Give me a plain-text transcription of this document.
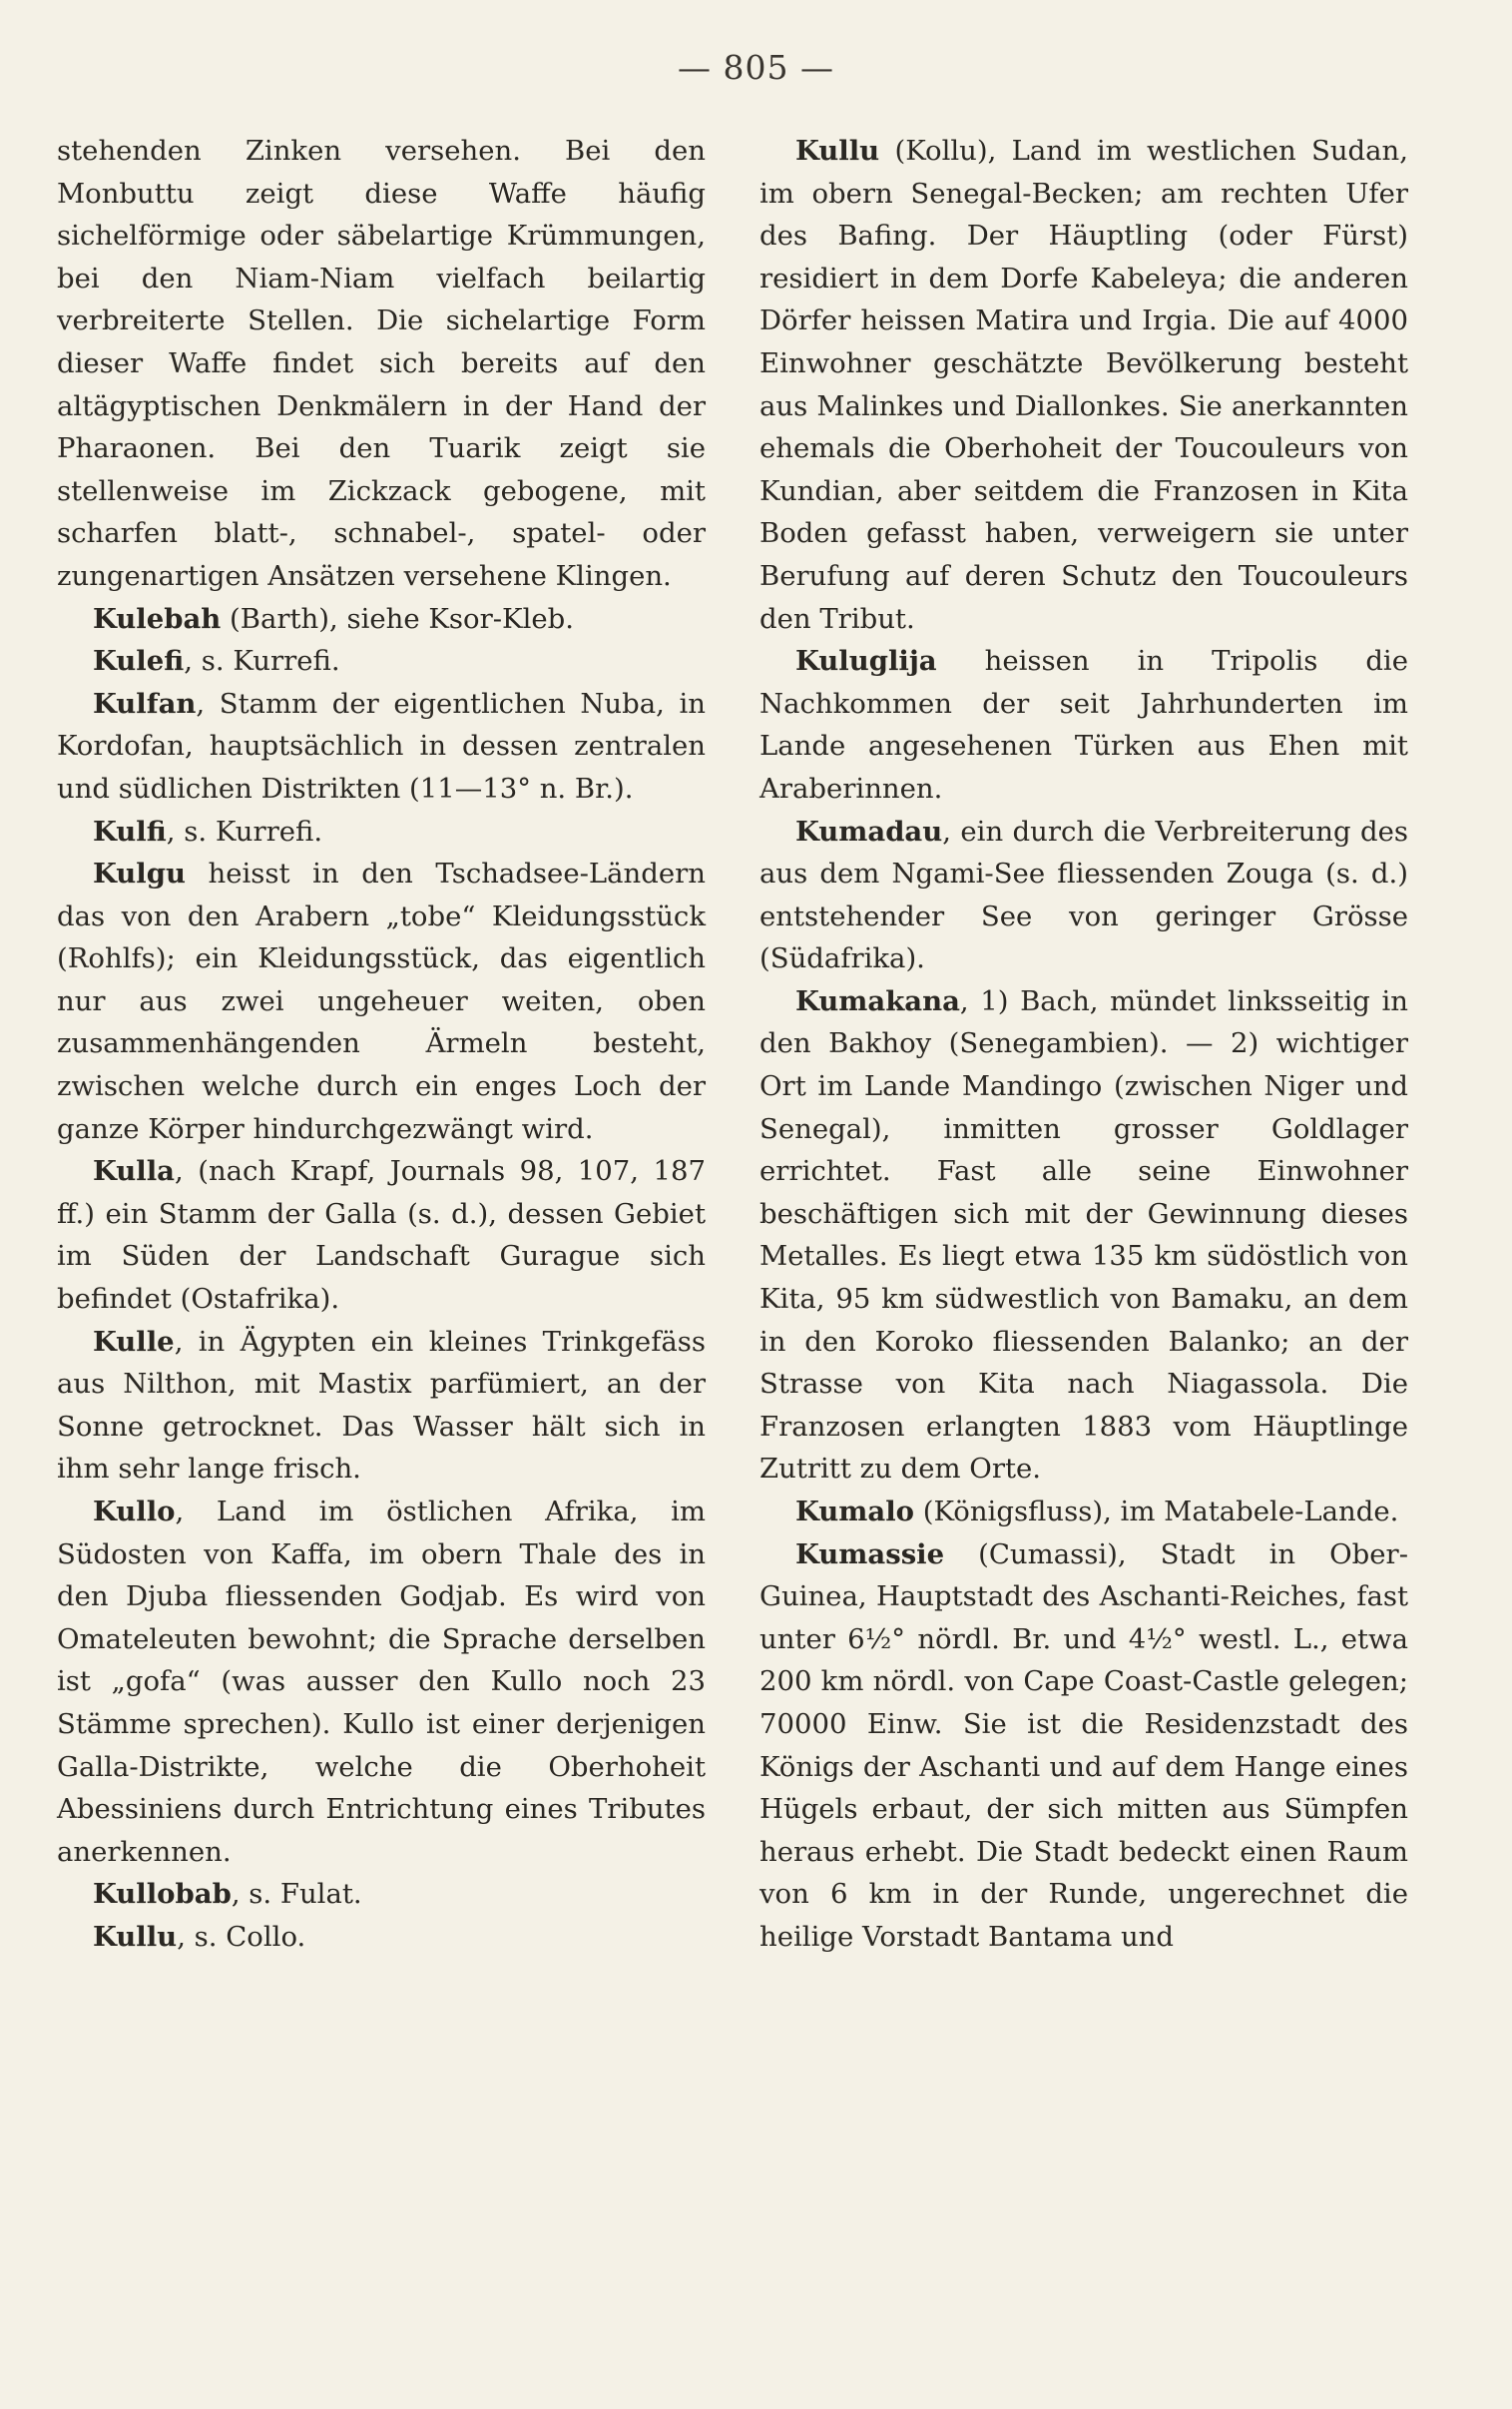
— 805 —

stehenden Zinken versehen. Bei den Monbuttu zeigt diese Waffe häufig sichelförmige oder säbelartige Krümmungen, bei den Niam-Niam vielfach beilartig verbreiterte Stellen. Die sichelartige Form dieser Waffe findet sich bereits auf den altägyptischen Denkmälern in der Hand der Pharaonen. Bei den Tuarik zeigt sie stellenweise im Zickzack gebogene, mit scharfen blatt-, schnabel-, spatel- oder zungenartigen Ansätzen versehene Klingen.

Kulebah (Barth), siehe Ksor-Kleb.

Kulefi, s. Kurrefi.

Kulfan, Stamm der eigentlichen Nuba, in Kordofan, hauptsächlich in dessen zentralen und südlichen Distrikten (11—13° n. Br.).

Kulfi, s. Kurrefi.

Kulgu heisst in den Tschadsee-Ländern das von den Arabern „tobe“ Kleidungsstück (Rohlfs); ein Kleidungsstück, das eigentlich nur aus zwei ungeheuer weiten, oben zusammenhängenden Ärmeln besteht, zwischen welche durch ein enges Loch der ganze Körper hindurchgezwängt wird.

Kulla, (nach Krapf, Journals 98, 107, 187 ff.) ein Stamm der Galla (s. d.), dessen Gebiet im Süden der Landschaft Gurague sich befindet (Ostafrika).

Kulle, in Ägypten ein kleines Trinkgefäss aus Nilthon, mit Mastix parfümiert, an der Sonne getrocknet. Das Wasser hält sich in ihm sehr lange frisch.

Kullo, Land im östlichen Afrika, im Südosten von Kaffa, im obern Thale des in den Djuba fliessenden Godjab. Es wird von Omateleuten bewohnt; die Sprache derselben ist „gofa“ (was ausser den Kullo noch 23 Stämme sprechen). Kullo ist einer derjenigen Galla-Distrikte, welche die Oberhoheit Abessiniens durch Entrichtung eines Tributes anerkennen.

Kullobab, s. Fulat.

Kullu, s. Collo.

Kullu (Kollu), Land im westlichen Sudan, im obern Senegal-Becken; am rechten Ufer des Bafing. Der Häuptling (oder Fürst) residiert in dem Dorfe Kabeleya; die anderen Dörfer heissen Matira und Irgia. Die auf 4000 Einwohner geschätzte Bevölkerung besteht aus Malinkes und Diallonkes. Sie anerkannten ehemals die Oberhoheit der Toucouleurs von Kundian, aber seitdem die Franzosen in Kita Boden gefasst haben, verweigern sie unter Berufung auf deren Schutz den Toucouleurs den Tribut.

Kuluglija heissen in Tripolis die Nachkommen der seit Jahrhunderten im Lande angesehenen Türken aus Ehen mit Araberinnen.

Kumadau, ein durch die Verbreiterung des aus dem Ngami-See fliessenden Zouga (s. d.) entstehender See von geringer Grösse (Südafrika).

Kumakana, 1) Bach, mündet linksseitig in den Bakhoy (Senegambien). — 2) wichtiger Ort im Lande Mandingo (zwischen Niger und Senegal), inmitten grosser Goldlager errichtet. Fast alle seine Einwohner beschäftigen sich mit der Gewinnung dieses Metalles. Es liegt etwa 135 km südöstlich von Kita, 95 km südwestlich von Bamaku, an dem in den Koroko fliessenden Balanko; an der Strasse von Kita nach Niagassola. Die Franzosen erlangten 1883 vom Häuptlinge Zutritt zu dem Orte.

Kumalo (Königsfluss), im Matabele-Lande.

Kumassie (Cumassi), Stadt in Ober-Guinea, Hauptstadt des Aschanti-Reiches, fast unter 6½° nördl. Br. und 4½° westl. L., etwa 200 km nördl. von Cape Coast-Castle gelegen; 70000 Einw. Sie ist die Residenzstadt des Königs der Aschanti und auf dem Hange eines Hügels erbaut, der sich mitten aus Sümpfen heraus erhebt. Die Stadt bedeckt einen Raum von 6 km in der Runde, ungerechnet die heilige Vorstadt Bantama und
